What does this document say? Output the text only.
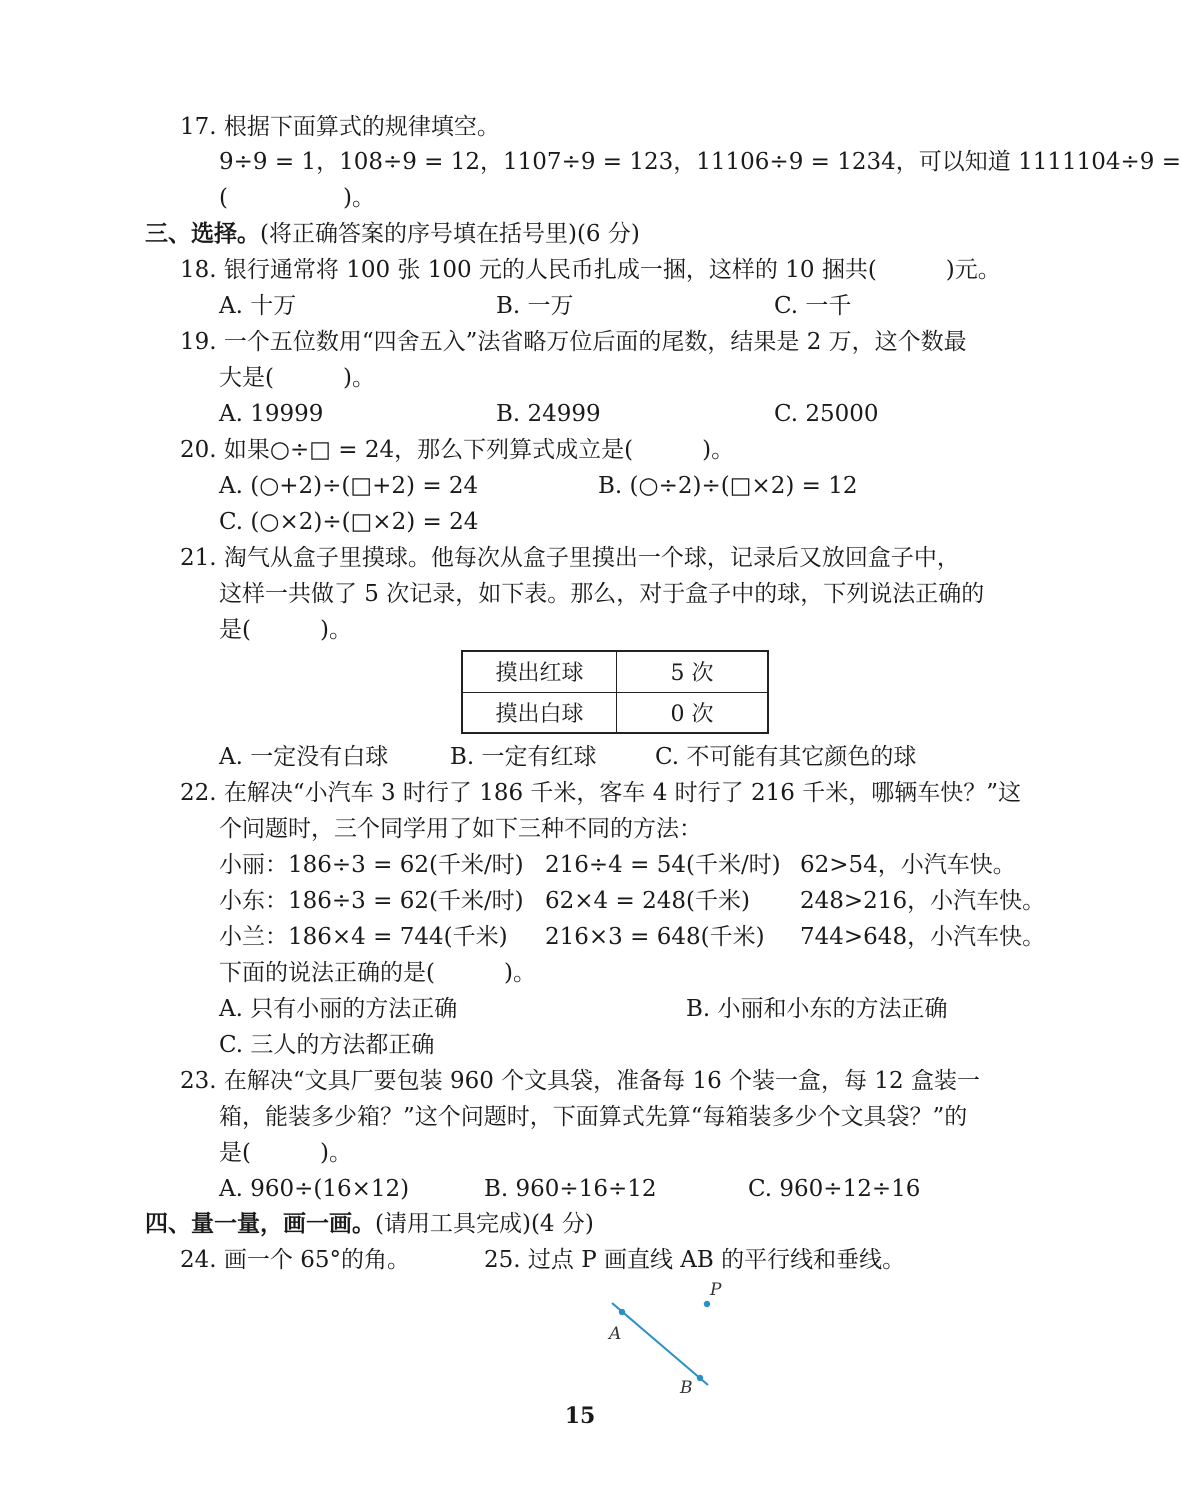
17. 根据下面算式的规律填空。
9÷9 = 1，108÷9 = 12，1107÷9 = 123，11106÷9 = 1234，可以知道 1111104÷9 =
(　　　　　)。
三、选择。(将正确答案的序号填在括号里)(6 分)
18. 银行通常将 100 张 100 元的人民币扎成一捆，这样的 10 捆共(　　　)元。
A. 十万	B. 一万	C. 一千
19. 一个五位数用“四舍五入”法省略万位后面的尾数，结果是 2 万，这个数最
大是(　　　)。
A. 19999	B. 24999	C. 25000
20. 如果○÷□ = 24，那么下列算式成立是(　　　)。
A. (○+2)÷(□+2) = 24	B. (○÷2)÷(□×2) = 12
C. (○×2)÷(□×2) = 24
21. 淘气从盒子里摸球。他每次从盒子里摸出一个球，记录后又放回盒子中，
这样一共做了 5 次记录，如下表。那么，对于盒子中的球，下列说法正确的
是(　　　)。
摸出红球	5 次
摸出白球	0 次
A. 一定没有白球	B. 一定有红球	C. 不可能有其它颜色的球
22. 在解决“小汽车 3 时行了 186 千米，客车 4 时行了 216 千米，哪辆车快？”这
个问题时，三个同学用了如下三种不同的方法：
小丽：186÷3 = 62(千米/时) 216÷4 = 54(千米/时) 62>54，小汽车快。
小东：186÷3 = 62(千米/时) 62×4 = 248(千米) 248>216，小汽车快。
小兰：186×4 = 744(千米) 216×3 = 648(千米) 744>648，小汽车快。
下面的说法正确的是(　　　)。
A. 只有小丽的方法正确	B. 小丽和小东的方法正确
C. 三人的方法都正确
23. 在解决“文具厂要包装 960 个文具袋，准备每 16 个装一盒，每 12 盒装一
箱，能装多少箱？”这个问题时，下面算式先算“每箱装多少个文具袋？”的
是(　　　)。
A. 960÷(16×12)	B. 960÷16÷12	C. 960÷12÷16
四、量一量，画一画。(请用工具完成)(4 分)
24. 画一个 65°的角。	25. 过点 P 画直线 AB 的平行线和垂线。
A
B
P
15
